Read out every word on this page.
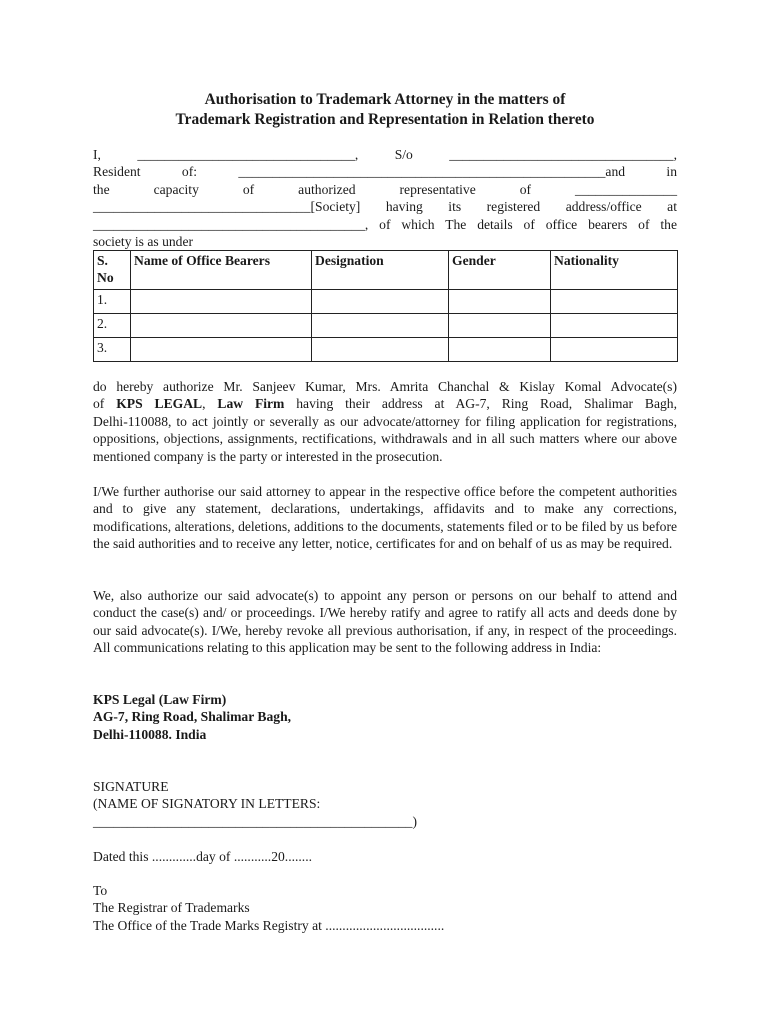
Authorisation to Trademark Attorney in the matters of
Trademark Registration and Representation in Relation thereto
I, ________________________________, S/o _________________________________,
Resident of: ______________________________________________________and in
the capacity of authorized representative of _______________
________________________________[Society] having its registered address/office at
________________________________________, of which The details of office bearers of the
society is as under
S. No	Name of Office Bearers	Designation	Gender	Nationality
1.				
2.				
3.				
do hereby authorize Mr. Sanjeev Kumar, Mrs. Amrita Chanchal & Kislay Komal Advocate(s)
of KPS LEGAL, Law Firm having their address at AG-7, Ring Road, Shalimar Bagh,
Delhi-110088, to act jointly or severally as our advocate/attorney for filing application for registrations, oppositions, objections, assignments, rectifications, withdrawals and in all such matters where our above mentioned company is the party or interested in the prosecution.
I/We further authorise our said attorney to appear in the respective office before the competent authorities and to give any statement, declarations, undertakings, affidavits and to make any corrections, modifications, alterations, deletions, additions to the documents, statements filed or to be filed by us before the said authorities and to receive any letter, notice, certificates for and on behalf of us as may be required.
We, also authorize our said advocate(s) to appoint any person or persons on our behalf to attend and conduct the case(s) and/ or proceedings. I/We hereby ratify and agree to ratify all acts and deeds done by our said advocate(s). I/We, hereby revoke all previous authorisation, if any, in respect of the proceedings. All communications relating to this application may be sent to the following address in India:
KPS Legal (Law Firm)
AG-7, Ring Road, Shalimar Bagh,
Delhi-110088. India
SIGNATURE
(NAME OF SIGNATORY IN LETTERS:
_______________________________________________)
Dated this .............day of ...........20........
To
The Registrar of Trademarks
The Office of the Trade Marks Registry at ...................................
